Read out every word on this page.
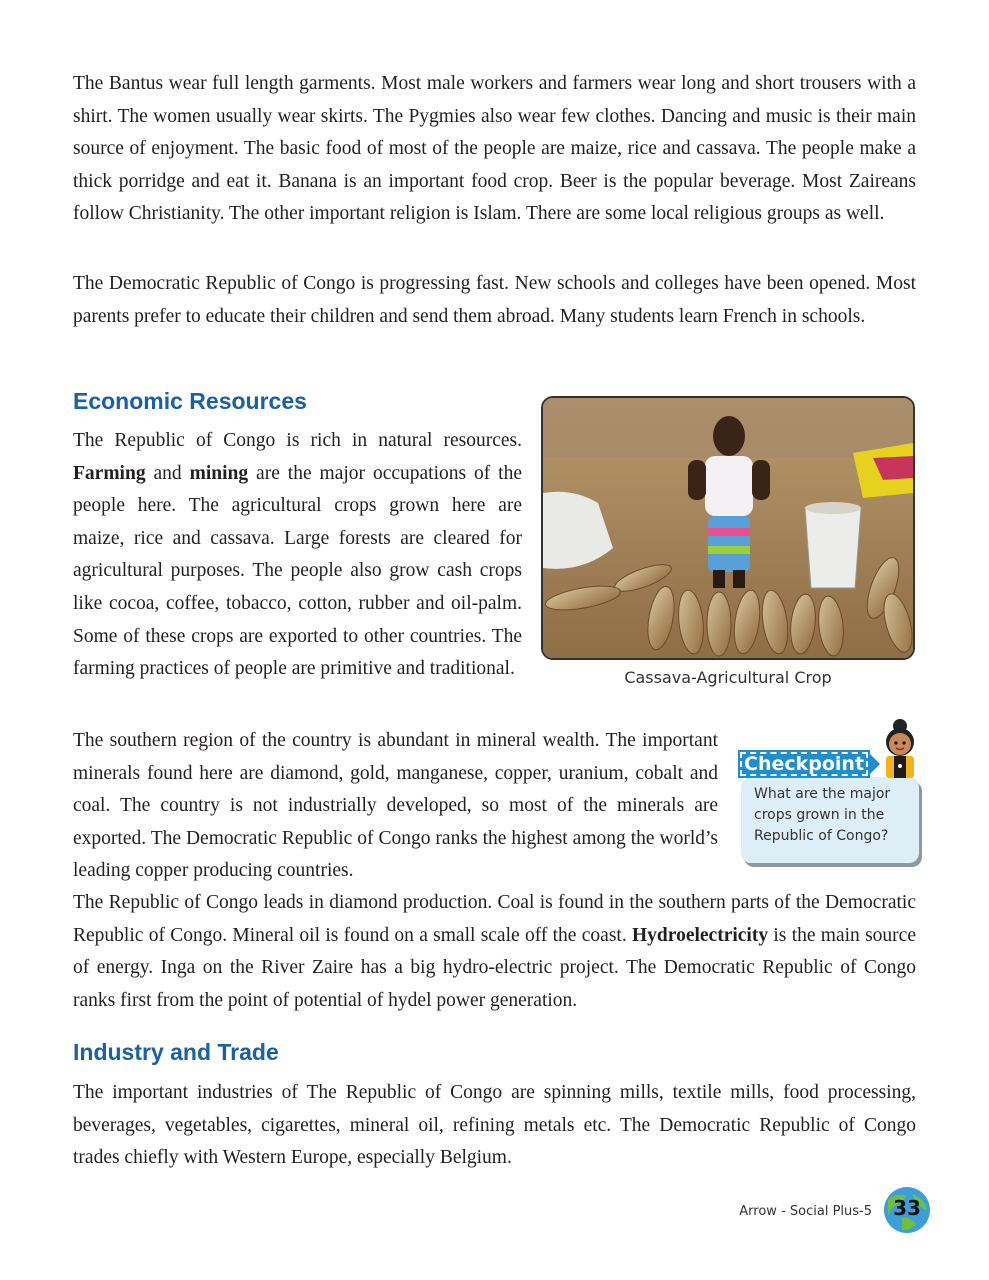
The Bantus wear full length garments. Most male workers and farmers wear long and short trousers with a shirt. The women usually wear skirts. The Pygmies also wear few clothes. Dancing and music is their main source of enjoyment. The basic food of most of the people are maize, rice and cassava. The people make a thick porridge and eat it. Banana is an important food crop. Beer is the popular beverage. Most Zaireans follow Christianity. The other important religion is Islam. There are some local religious groups as well.

The Democratic Republic of Congo is progressing fast. New schools and colleges have been opened. Most parents prefer to educate their children and send them abroad. Many students learn French in schools.

Economic Resources

The Republic of Congo is rich in natural resources. Farming and mining are the major occupations of the people here. The agricultural crops grown here are maize, rice and cassava. Large forests are cleared for agricultural purposes. The people also grow cash crops like cocoa, coffee, tobacco, cotton, rubber and oil-palm. Some of these crops are exported to other countries. The farming practices of people are primitive and traditional.	Cassava-Agricultural Crop

The southern region of the country is abundant in mineral wealth. The important minerals found here are diamond, gold, manganese, copper, uranium, cobalt and coal. The country is not industrially developed, so most of the minerals are exported. The Democratic Republic of Congo ranks the highest among the world’s leading copper producing countries.

Checkpoint
What are the major crops grown in the Republic of Congo?

The Republic of Congo leads in diamond production. Coal is found in the southern parts of the Democratic Republic of Congo. Mineral oil is found on a small scale off the coast. Hydroelectricity is the main source of energy. Inga on the River Zaire has a big hydro-electric project. The Democratic Republic of Congo ranks first from the point of potential of hydel power generation.

Industry and Trade

The important industries of The Republic of Congo are spinning mills, textile mills, food processing, beverages, vegetables, cigarettes, mineral oil, refining metals etc. The Democratic Republic of Congo trades chiefly with Western Europe, especially Belgium.

Arrow - Social Plus-5	33
